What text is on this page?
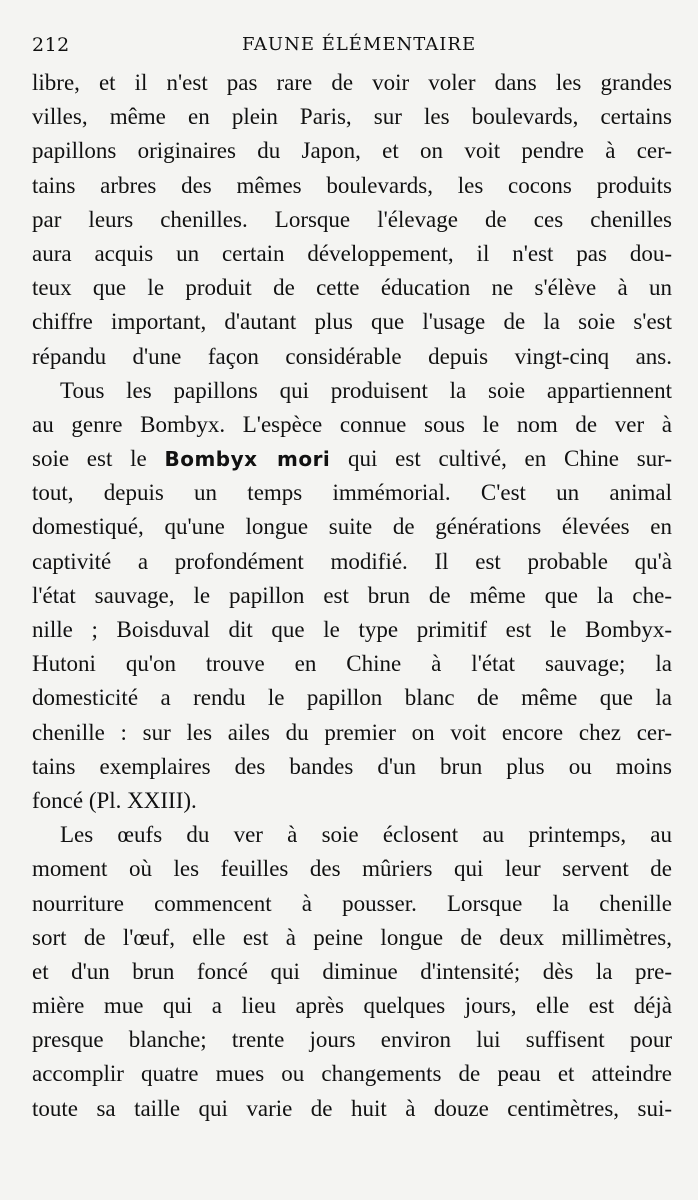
212	FAUNE ÉLÉMENTAIRE
libre, et il n'est pas rare de voir voler dans les grandes
villes, même en plein Paris, sur les boulevards, certains
papillons originaires du Japon, et on voit pendre à cer-
tains arbres des mêmes boulevards, les cocons produits
par leurs chenilles. Lorsque l'élevage de ces chenilles
aura acquis un certain développement, il n'est pas dou-
teux que le produit de cette éducation ne s'élève à un
chiffre important, d'autant plus que l'usage de la soie s'est
répandu d'une façon considérable depuis vingt-cinq ans.
Tous les papillons qui produisent la soie appartiennent
au genre Bombyx. L'espèce connue sous le nom de ver à
soie est le Bombyx mori qui est cultivé, en Chine sur-
tout, depuis un temps immémorial. C'est un animal
domestiqué, qu'une longue suite de générations élevées en
captivité a profondément modifié. Il est probable qu'à
l'état sauvage, le papillon est brun de même que la che-
nille ; Boisduval dit que le type primitif est le Bombyx-
Hutoni qu'on trouve en Chine à l'état sauvage; la
domesticité a rendu le papillon blanc de même que la
chenille : sur les ailes du premier on voit encore chez cer-
tains exemplaires des bandes d'un brun plus ou moins
foncé (Pl. XXIII).
Les œufs du ver à soie éclosent au printemps, au
moment où les feuilles des mûriers qui leur servent de
nourriture commencent à pousser. Lorsque la chenille
sort de l'œuf, elle est à peine longue de deux millimètres,
et d'un brun foncé qui diminue d'intensité; dès la pre-
mière mue qui a lieu après quelques jours, elle est déjà
presque blanche; trente jours environ lui suffisent pour
accomplir quatre mues ou changements de peau et atteindre
toute sa taille qui varie de huit à douze centimètres, sui-
